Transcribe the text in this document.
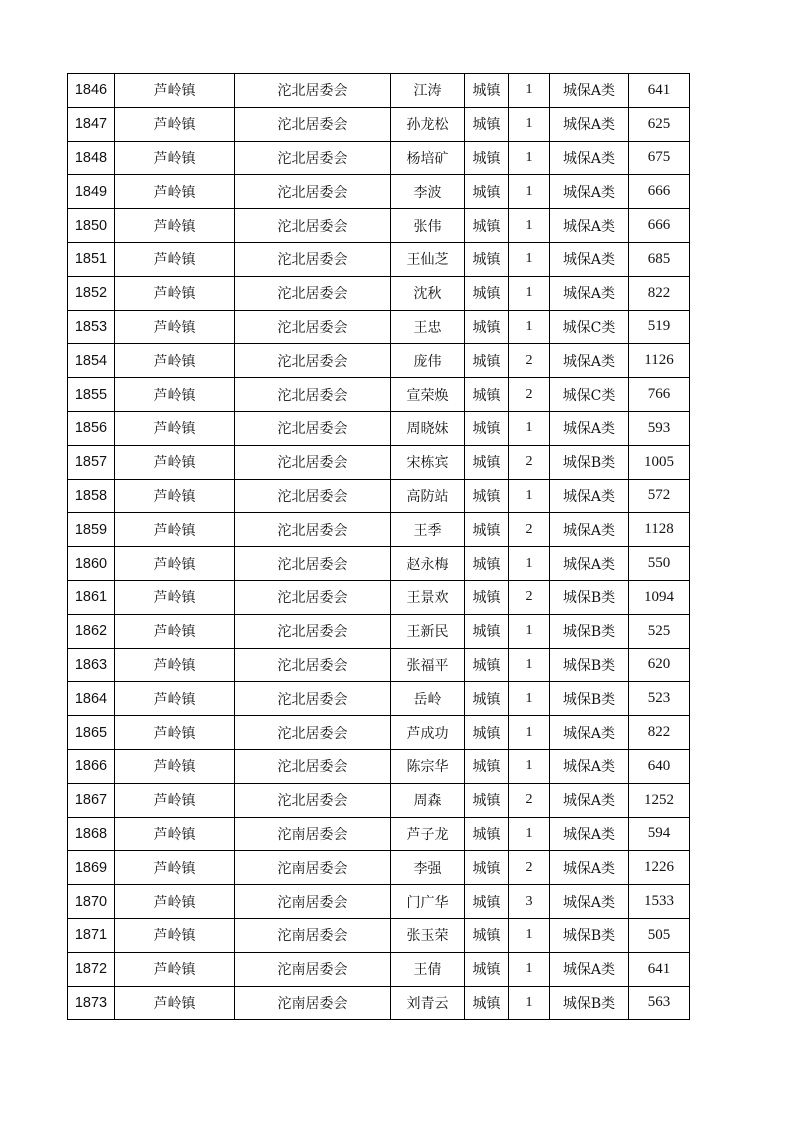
1846	芦岭镇	沱北居委会	江涛	城镇	1	城保A类	641
1847	芦岭镇	沱北居委会	孙龙松	城镇	1	城保A类	625
1848	芦岭镇	沱北居委会	杨培矿	城镇	1	城保A类	675
1849	芦岭镇	沱北居委会	李波	城镇	1	城保A类	666
1850	芦岭镇	沱北居委会	张伟	城镇	1	城保A类	666
1851	芦岭镇	沱北居委会	王仙芝	城镇	1	城保A类	685
1852	芦岭镇	沱北居委会	沈秋	城镇	1	城保A类	822
1853	芦岭镇	沱北居委会	王忠	城镇	1	城保C类	519
1854	芦岭镇	沱北居委会	庞伟	城镇	2	城保A类	1126
1855	芦岭镇	沱北居委会	宣荣焕	城镇	2	城保C类	766
1856	芦岭镇	沱北居委会	周晓妹	城镇	1	城保A类	593
1857	芦岭镇	沱北居委会	宋栋宾	城镇	2	城保B类	1005
1858	芦岭镇	沱北居委会	高防站	城镇	1	城保A类	572
1859	芦岭镇	沱北居委会	王季	城镇	2	城保A类	1128
1860	芦岭镇	沱北居委会	赵永梅	城镇	1	城保A类	550
1861	芦岭镇	沱北居委会	王景欢	城镇	2	城保B类	1094
1862	芦岭镇	沱北居委会	王新民	城镇	1	城保B类	525
1863	芦岭镇	沱北居委会	张福平	城镇	1	城保B类	620
1864	芦岭镇	沱北居委会	岳岭	城镇	1	城保B类	523
1865	芦岭镇	沱北居委会	芦成功	城镇	1	城保A类	822
1866	芦岭镇	沱北居委会	陈宗华	城镇	1	城保A类	640
1867	芦岭镇	沱北居委会	周森	城镇	2	城保A类	1252
1868	芦岭镇	沱南居委会	芦子龙	城镇	1	城保A类	594
1869	芦岭镇	沱南居委会	李强	城镇	2	城保A类	1226
1870	芦岭镇	沱南居委会	门广华	城镇	3	城保A类	1533
1871	芦岭镇	沱南居委会	张玉荣	城镇	1	城保B类	505
1872	芦岭镇	沱南居委会	王倩	城镇	1	城保A类	641
1873	芦岭镇	沱南居委会	刘青云	城镇	1	城保B类	563
